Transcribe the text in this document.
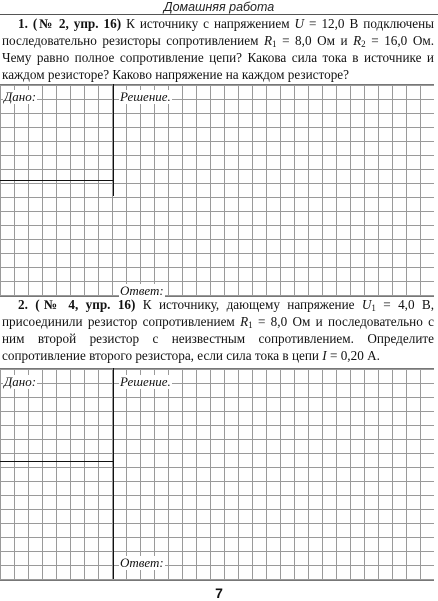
Домашняя работа
1. (№ 2, упр. 16) К источнику с напряжением U = 12,0 В подключены последовательно резисторы сопротивлением $R_1 = 8,0$ Ом и $R_2 = 16,0$ Ом. Чему равно полное сопротивление цепи? Какова сила тока в источнике и каждом резисторе? Каково напряжение на каждом резисторе?
Дано:	Решение.
Ответ:
2. (№ 4, упр. 16) К источнику, дающему напряжение $U_1 = 4,0$ В, присоединили резистор сопротивлением $R_1 = 8,0$ Ом и последовательно с ним второй резистор с неизвестным сопротивлением. Определите сопротивление второго резистора, если сила тока в цепи I = 0,20 А.
Дано:	Решение.
Ответ:
7
